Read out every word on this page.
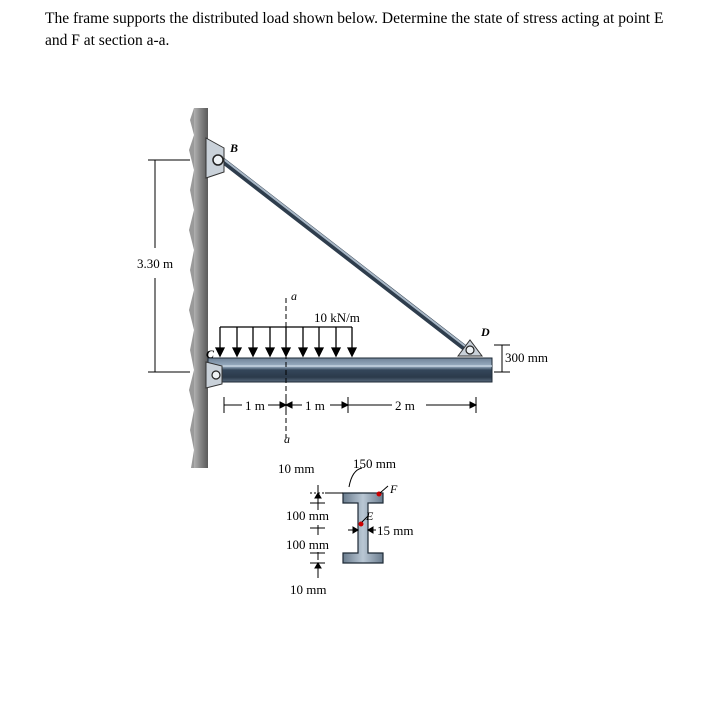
The frame supports the distributed load shown below. Determine the state of stress acting at point E and F at section a-a.

B
D
C
10 kN/m
a
a
3.30 m
1 m	1 m	2 m
300 mm
150 mm
10 mm
F
100 mm	E
15 mm
100 mm
10 mm
